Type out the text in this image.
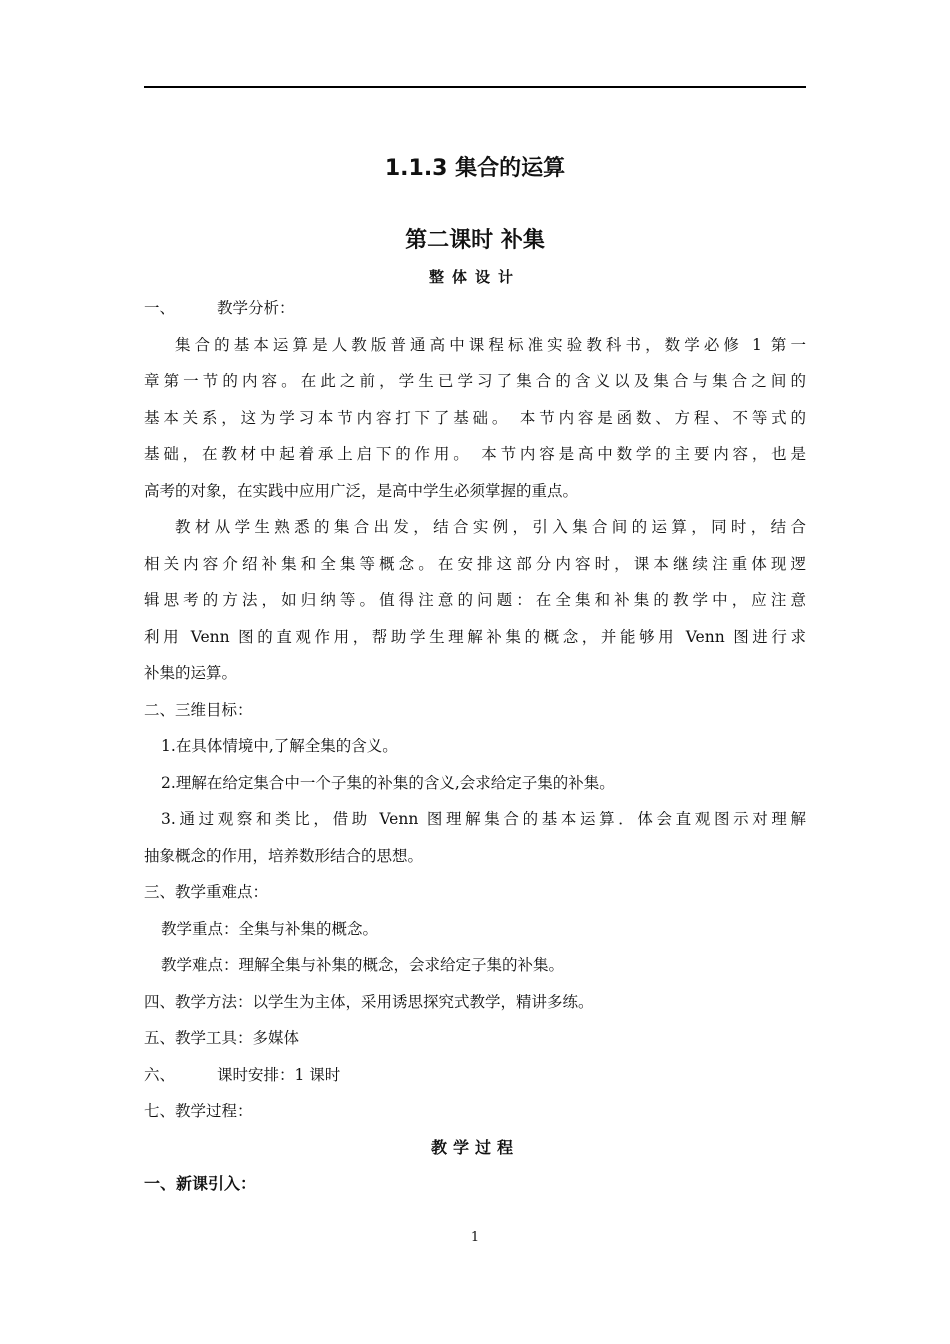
1.1.3 集合的运算

第二课时 补集

整体设计

一、	教学分析：

集合的基本运算是人教版普通高中课程标准实验教科书，数学必修 1 第一

章第一节的内容。在此之前，学生已学习了集合的含义以及集合与集合之间的

基本关系，这为学习本节内容打下了基础。 本节内容是函数、方程、不等式的

基础，在教材中起着承上启下的作用。 本节内容是高中数学的主要内容，也是

高考的对象，在实践中应用广泛，是高中学生必须掌握的重点。

教材从学生熟悉的集合出发，结合实例，引入集合间的运算，同时，结合

相关内容介绍补集和全集等概念。在安排这部分内容时，课本继续注重体现逻

辑思考的方法，如归纳等。值得注意的问题：在全集和补集的教学中，应注意

利用 Venn 图的直观作用，帮助学生理解补集的概念，并能够用 Venn 图进行求

补集的运算。

二、三维目标：

1.在具体情境中,了解全集的含义。

2.理解在给定集合中一个子集的补集的含义,会求给定子集的补集。

3.通过观察和类比，借助 Venn 图理解集合的基本运算．体会直观图示对理解

抽象概念的作用，培养数形结合的思想。

三、教学重难点：

教学重点：全集与补集的概念。

教学难点：理解全集与补集的概念，会求给定子集的补集。

四、教学方法：以学生为主体，采用诱思探究式教学，精讲多练。

五、教学工具：多媒体

六、	课时安排：1 课时

七、教学过程：

教学过程

一、新课引入：

1
